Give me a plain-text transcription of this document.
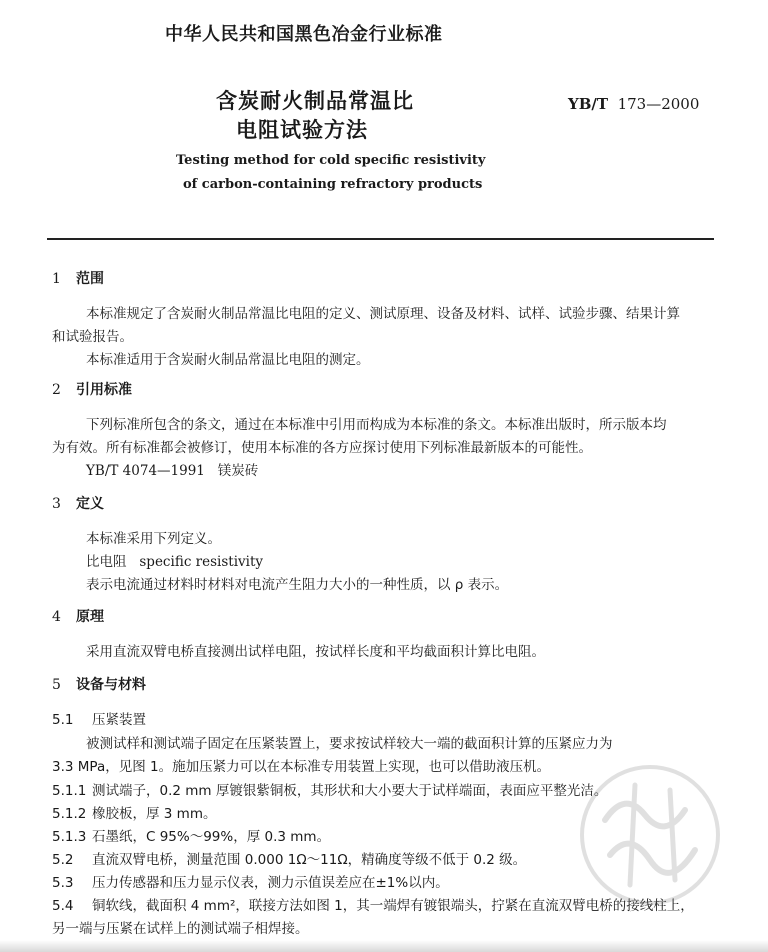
中华人民共和国黑色冶金行业标准
含炭耐火制品常温比
电阻试验方法
YB/T 173—2000
Testing method for cold specific resistivity
of carbon-containing refractory products
1 范围
本标准规定了含炭耐火制品常温比电阻的定义、测试原理、设备及材料、试样、试验步骤、结果计算
和试验报告。
本标准适用于含炭耐火制品常温比电阻的测定。
2 引用标准
下列标准所包含的条文，通过在本标准中引用而构成为本标准的条文。本标准出版时，所示版本均
为有效。所有标准都会被修订，使用本标准的各方应探讨使用下列标准最新版本的可能性。
YB/T 4074—1991 镁炭砖
3 定义
本标准采用下列定义。
比电阻 specific resistivity
表示电流通过材料时材料对电流产生阻力大小的一种性质，以 ρ 表示。
4 原理
采用直流双臂电桥直接测出试样电阻，按试样长度和平均截面积计算比电阻。
5 设备与材料
5.1 压紧装置
被测试样和测试端子固定在压紧装置上，要求按试样较大一端的截面积计算的压紧应力为
3.3 MPa，见图 1。施加压紧力可以在本标准专用装置上实现，也可以借助液压机。
5.1.1 测试端子，0.2 mm 厚镀银紫铜板，其形状和大小要大于试样端面，表面应平整光洁。
5.1.2 橡胶板，厚 3 mm。
5.1.3 石墨纸，C 95%～99%，厚 0.3 mm。
5.2 直流双臂电桥，测量范围 0.000 1Ω～11Ω，精确度等级不低于 0.2 级。
5.3 压力传感器和压力显示仪表，测力示值误差应在±1%以内。
5.4 铜软线，截面积 4 mm²，联接方法如图 1，其一端焊有镀银端头，拧紧在直流双臂电桥的接线柱上，
另一端与压紧在试样上的测试端子相焊接。
